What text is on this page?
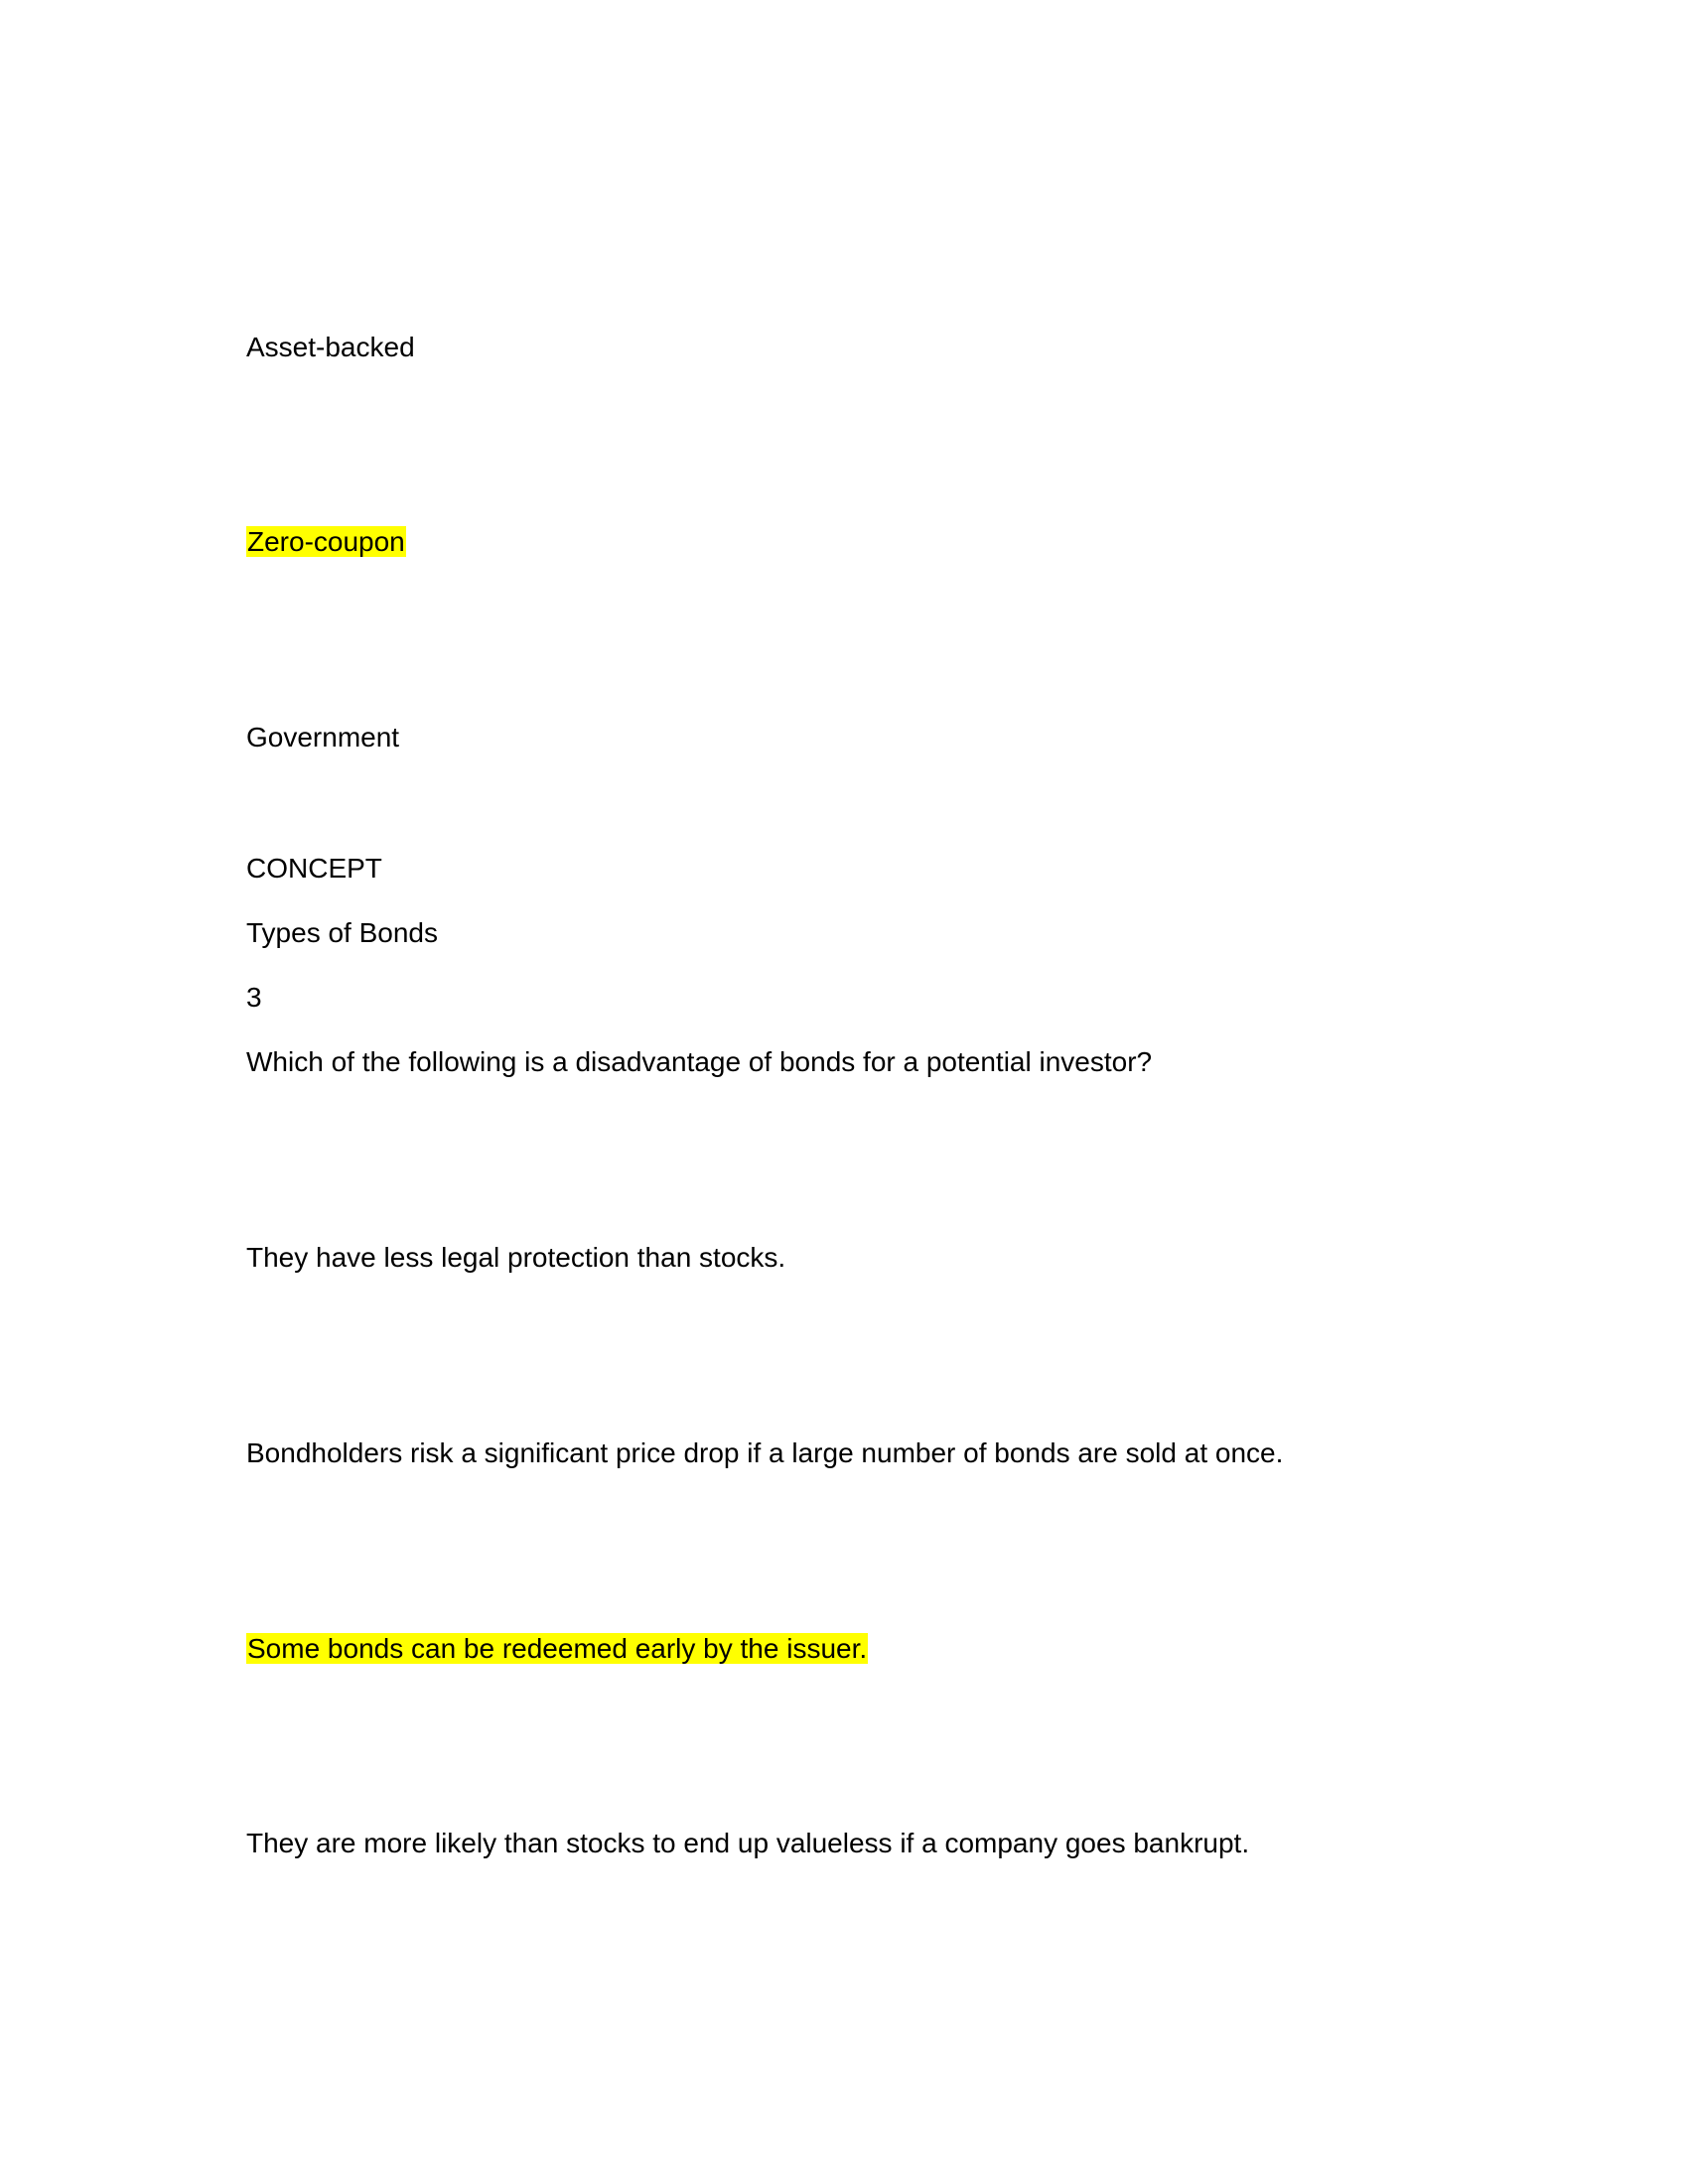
Asset-backed
Zero-coupon
Government
CONCEPT
Types of Bonds
3
Which of the following is a disadvantage of bonds for a potential investor?
They have less legal protection than stocks.
Bondholders risk a significant price drop if a large number of bonds are sold at once.
Some bonds can be redeemed early by the issuer.
They are more likely than stocks to end up valueless if a company goes bankrupt.
